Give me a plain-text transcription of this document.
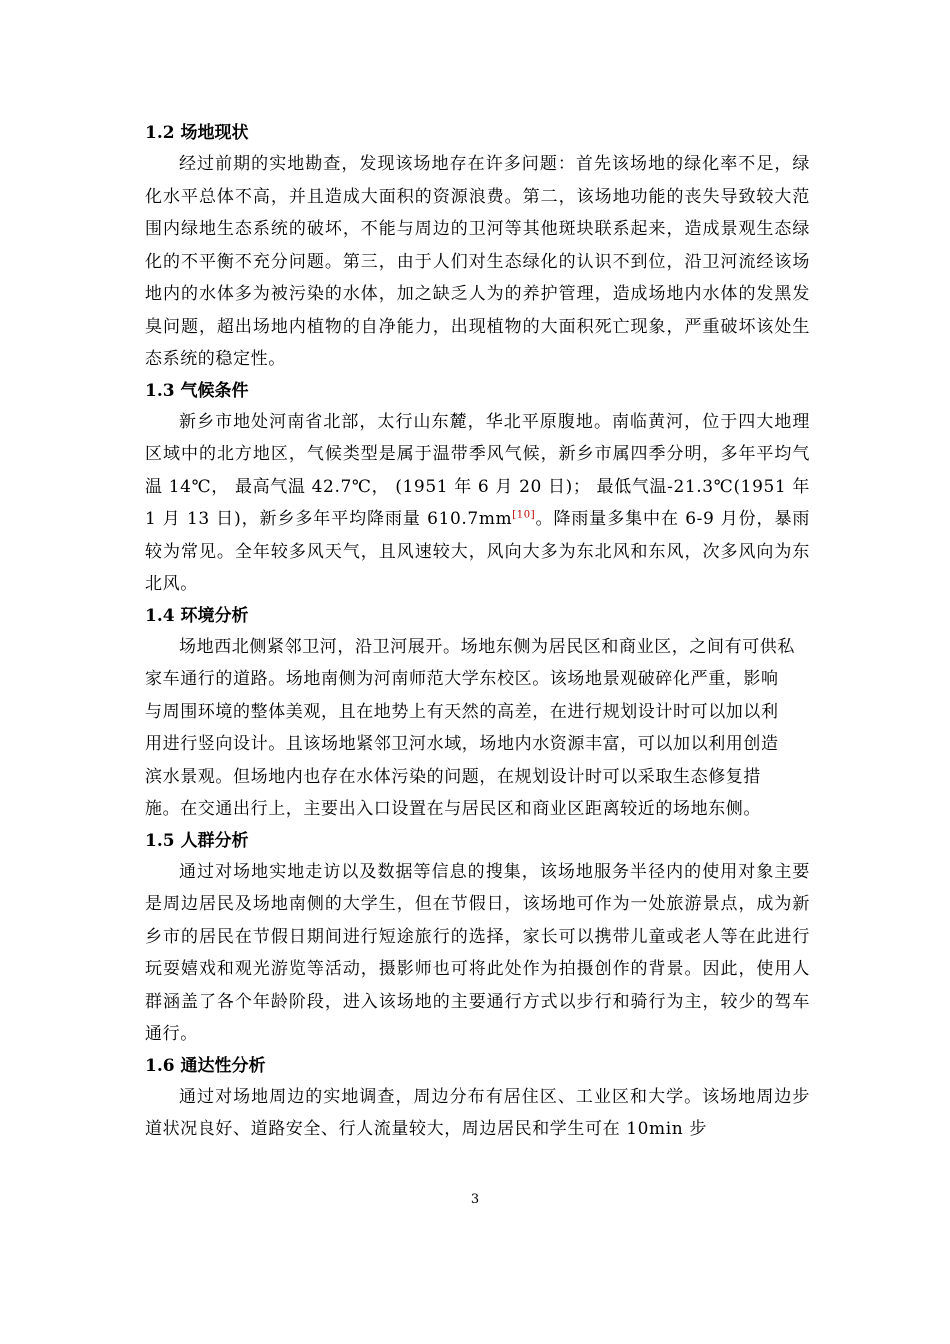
1.2 场地现状

经过前期的实地勘查，发现该场地存在许多问题：首先该场地的绿化率不足，绿化水平总体不高，并且造成大面积的资源浪费。第二，该场地功能的丧失导致较大范围内绿地生态系统的破坏，不能与周边的卫河等其他斑块联系起来，造成景观生态绿化的不平衡不充分问题。第三，由于人们对生态绿化的认识不到位，沿卫河流经该场地内的水体多为被污染的水体，加之缺乏人为的养护管理，造成场地内水体的发黑发臭问题，超出场地内植物的自净能力，出现植物的大面积死亡现象，严重破坏该处生态系统的稳定性。

1.3 气候条件

新乡市地处河南省北部，太行山东麓，华北平原腹地。南临黄河，位于四大地理区域中的北方地区，气候类型是属于温带季风气候，新乡市属四季分明，多年平均气温 14℃， 最高气温 42.7℃， (1951 年 6 月 20 日)； 最低气温-21.3℃(1951 年 1 月 13 日)，新乡多年平均降雨量 610.7mm[10]。降雨量多集中在 6-9 月份，暴雨较为常见。全年较多风天气，且风速较大，风向大多为东北风和东风，次多风向为东北风。

1.4 环境分析

场地西北侧紧邻卫河，沿卫河展开。场地东侧为居民区和商业区，之间有可供私家车通行的道路。场地南侧为河南师范大学东校区。该场地景观破碎化严重，影响与周围环境的整体美观，且在地势上有天然的高差，在进行规划设计时可以加以利用进行竖向设计。且该场地紧邻卫河水域，场地内水资源丰富，可以加以利用创造滨水景观。但场地内也存在水体污染的问题，在规划设计时可以采取生态修复措施。在交通出行上，主要出入口设置在与居民区和商业区距离较近的场地东侧。

1.5 人群分析

通过对场地实地走访以及数据等信息的搜集，该场地服务半径内的使用对象主要是周边居民及场地南侧的大学生，但在节假日，该场地可作为一处旅游景点，成为新乡市的居民在节假日期间进行短途旅行的选择，家长可以携带儿童或老人等在此进行玩耍嬉戏和观光游览等活动，摄影师也可将此处作为拍摄创作的背景。因此，使用人群涵盖了各个年龄阶段，进入该场地的主要通行方式以步行和骑行为主，较少的驾车通行。

1.6 通达性分析

通过对场地周边的实地调查，周边分布有居住区、工业区和大学。该场地周边步道状况良好、道路安全、行人流量较大，周边居民和学生可在 10min 步

3
